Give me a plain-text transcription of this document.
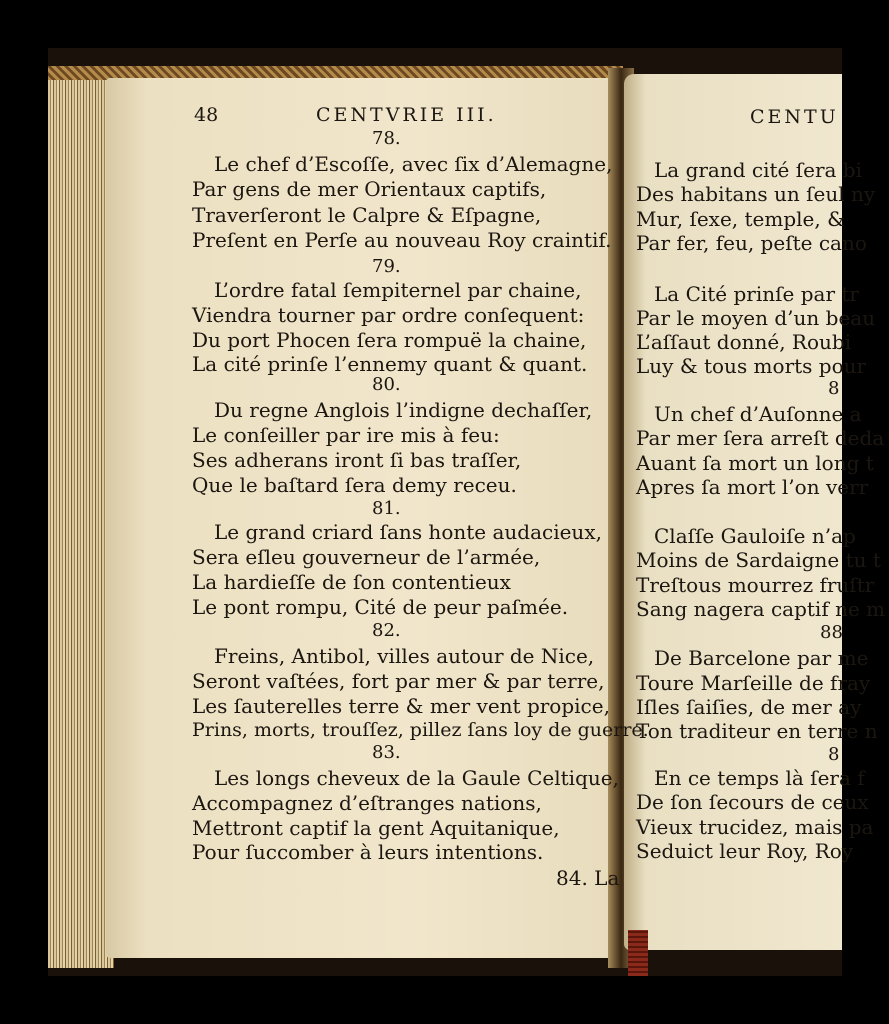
48	CENTVRIE III.
78.
Le chef d’Escoſſe, avec ſix d’Alemagne,
Par gens de mer Orientaux captifs,
Traverſeront le Calpre & Eſpagne,
Preſent en Perſe au nouveau Roy craintif.
79.
L’ordre fatal ſempiternel par chaine,
Viendra tourner par ordre conſequent:
Du port Phocen ſera rompuë la chaine,
La cité prinſe l’ennemy quant & quant.
80.
Du regne Anglois l’indigne dechaſſer,
Le conſeiller par ire mis à feu:
Ses adherans iront ſi bas traſſer,
Que le baſtard ſera demy receu.
81.
Le grand criard ſans honte audacieux,
Sera eſleu gouverneur de l’armée,
La hardieſſe de ſon contentieux
Le pont rompu, Cité de peur paſmée.
82.
Freins, Antibol, villes autour de Nice,
Seront vaſtées, fort par mer & par terre,
Les ſauterelles terre & mer vent propice,
Prins, morts, trouſſez, pillez ſans loy de guerre.
83.
Les longs cheveux de la Gaule Celtique,
Accompagnez d’eſtranges nations,
Mettront captif la gent Aquitanique,
Pour ſuccomber à leurs intentions.
84. La
CENTU
La grand cité ſera bi
Des habitans un ſeul ny
Mur, ſexe, temple, &
Par fer, feu, peſte cano
La Cité prinſe par tr
Par le moyen d’un beau
L’aſſaut donné, Roubi
Luy & tous morts pour
Un chef d’Auſonne a
Par mer ſera arreſt deda
Auant ſa mort un long t
Apres ſa mort l’on verr
Claſſe Gauloiſe n’ap
Moins de Sardaigne tu t
Treſtous mourrez fruſtr
Sang nagera captif ne m
88
De Barcelone par me
Toure Marſeille de fray
Iſles ſaiſies, de mer ay
Ton traditeur en terre n
8
En ce temps là ſera f
De ſon ſecours de ceux
Vieux trucidez, mais pa
Seduict leur Roy, Roy
8
